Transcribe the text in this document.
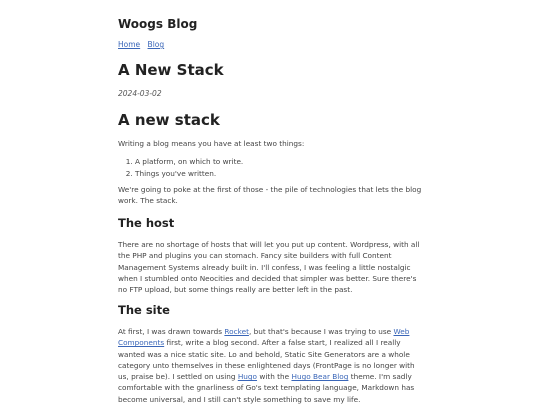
Woogs Blog
Home Blog
A New Stack
2024-03-02
A new stack

Writing a blog means you have at least two things:

1. A platform, on which to write.
2. Things you've written.

We're going to poke at the first of those - the pile of technologies that lets the blog work. The stack.

The host

There are no shortage of hosts that will let you put up content. Wordpress, with all the PHP and plugins you can stomach. Fancy site builders with full Content Management Systems already built in. I'll confess, I was feeling a little nostalgic when I stumbled onto Neocities and decided that simpler was better. Sure there's no FTP upload, but some things really are better left in the past.

The site

At first, I was drawn towards Rocket, but that's because I was trying to use Web Components first, write a blog second. After a false start, I realized all I really wanted was a nice static site. Lo and behold, Static Site Generators are a whole category unto themselves in these enlightened days (FrontPage is no longer with us, praise be). I settled on using Hugo with the Hugo Bear Blog theme. I'm sadly comfortable with the gnarliness of Go's text templating language, Markdown has become universal, and I still can't style something to save my life.
